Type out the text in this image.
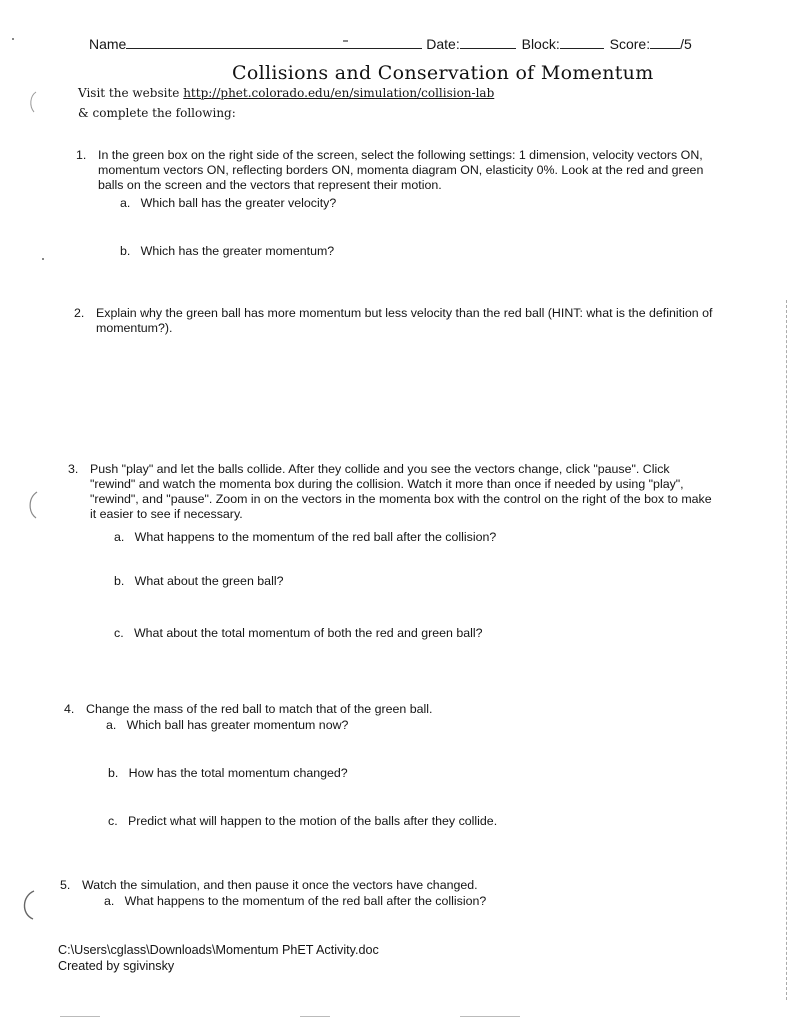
Name	Date:	Block:	Score: /5
Collisions and Conservation of Momentum
Visit the website http://phet.colorado.edu/en/simulation/collision-lab
& complete the following:
1. In the green box on the right side of the screen, select the following settings: 1 dimension, velocity vectors ON, momentum vectors ON, reflecting borders ON, momenta diagram ON, elasticity 0%. Look at the red and green balls on the screen and the vectors that represent their motion.
a. Which ball has the greater velocity?
b. Which has the greater momentum?
2. Explain why the green ball has more momentum but less velocity than the red ball (HINT: what is the definition of momentum?).
3. Push "play" and let the balls collide. After they collide and you see the vectors change, click "pause". Click "rewind" and watch the momenta box during the collision. Watch it more than once if needed by using "play", "rewind", and "pause". Zoom in on the vectors in the momenta box with the control on the right of the box to make it easier to see if necessary.
a. What happens to the momentum of the red ball after the collision?
b. What about the green ball?
c. What about the total momentum of both the red and green ball?
4. Change the mass of the red ball to match that of the green ball.
a. Which ball has greater momentum now?
b. How has the total momentum changed?
c. Predict what will happen to the motion of the balls after they collide.
5. Watch the simulation, and then pause it once the vectors have changed.
a. What happens to the momentum of the red ball after the collision?
C:\Users\cglass\Downloads\Momentum PhET Activity.doc
Created by sgivinsky
